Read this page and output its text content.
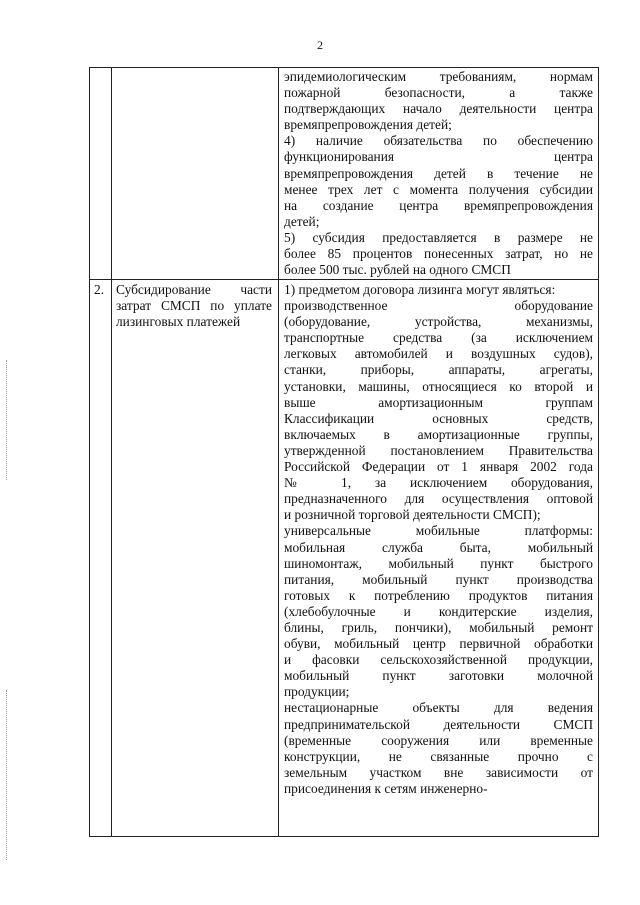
2
эпидемиологическим требованиям, нормам
пожарной безопасности, а также
подтверждающих начало деятельности центра
времяпрепровождения детей;
4) наличие обязательства по обеспечению
функционирования центра
времяпрепровождения детей в течение не
менее трех лет с момента получения субсидии
на создание центра времяпрепровождения
детей;
5) субсидия предоставляется в размере не
более 85 процентов понесенных затрат, но не
более 500 тыс. рублей на одного СМСП
2. Субсидирование части
затрат СМСП по уплате
лизинговых платежей
1) предметом договора лизинга могут являться:
производственное оборудование
(оборудование, устройства, механизмы,
транспортные средства (за исключением
легковых автомобилей и воздушных судов),
станки, приборы, аппараты, агрегаты,
установки, машины, относящиеся ко второй и
выше амортизационным группам
Классификации основных средств,
включаемых в амортизационные группы,
утвержденной постановлением Правительства
Российской Федерации от 1 января 2002 года
№ 1, за исключением оборудования,
предназначенного для осуществления оптовой
и розничной торговой деятельности СМСП);
универсальные мобильные платформы:
мобильная служба быта, мобильный
шиномонтаж, мобильный пункт быстрого
питания, мобильный пункт производства
готовых к потреблению продуктов питания
(хлебобулочные и кондитерские изделия,
блины, гриль, пончики), мобильный ремонт
обуви, мобильный центр первичной обработки
и фасовки сельскохозяйственной продукции,
мобильный пункт заготовки молочной
продукции;
нестационарные объекты для ведения
предпринимательской деятельности СМСП
(временные сооружения или временные
конструкции, не связанные прочно с
земельным участком вне зависимости от
присоединения к сетям инженерно-
